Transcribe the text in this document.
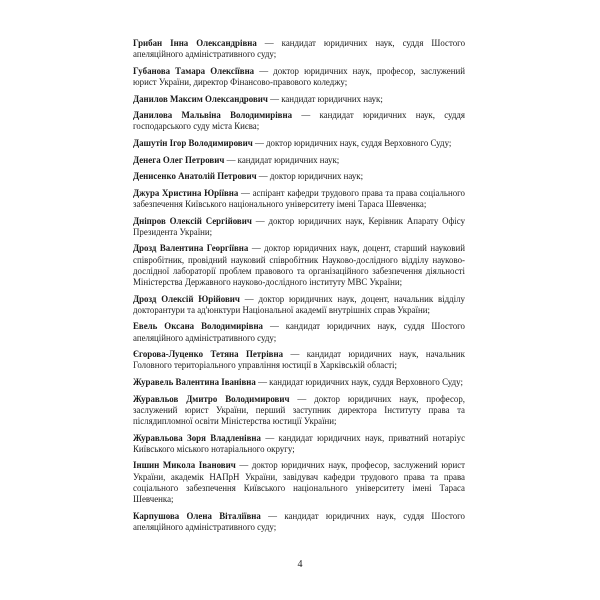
Грибан Інна Олександрівна — кандидат юридичних наук, суддя Шостого апеляційного адміністративного суду;

Губанова Тамара Олексіївна — доктор юридичних наук, професор, заслужений юрист України, директор Фінансово-правового коледжу;

Данилов Максим Олександрович — кандидат юридичних наук;

Данилова Мальвіна Володимирівна — кандидат юридичних наук, суддя господарського суду міста Києва;

Дашутін Ігор Володимирович — доктор юридичних наук, суддя Верховного Суду;

Денега Олег Петрович — кандидат юридичних наук;

Денисенко Анатолій Петрович — доктор юридичних наук;

Джура Христина Юріївна — аспірант кафедри трудового права та права соціального забезпечення Київського національного університету імені Тараса Шевченка;

Дніпров Олексій Сергійович — доктор юридичних наук, Керівник Апарату Офісу Президента України;

Дрозд Валентина Георгіївна — доктор юридичних наук, доцент, старший науковий співробітник, провідний науковий співробітник Науково-дослідного відділу науково-дослідної лабораторії проблем правового та організаційного забезпечення діяльності Міністерства Державного науково-дослідного інституту МВС України;

Дрозд Олексій Юрійович — доктор юридичних наук, доцент, начальник відділу докторантури та ад'юнктури Національної академії внутрішніх справ України;

Евель Оксана Володимирівна — кандидат юридичних наук, суддя Шостого апеляційного адміністративного суду;

Єгорова-Луценко Тетяна Петрівна — кандидат юридичних наук, начальник Головного територіального управління юстиції в Харківській області;

Журавель Валентина Іванівна — кандидат юридичних наук, суддя Верховного Суду;

Журавльов Дмитро Володимирович — доктор юридичних наук, професор, заслужений юрист України, перший заступник директора Інституту права та післядипломної освіти Міністерства юстиції України;

Журавльова Зоря Владленівна — кандидат юридичних наук, приватний нотаріус Київського міського нотаріального округу;

Іншин Микола Іванович — доктор юридичних наук, професор, заслужений юрист України, академік НАПрН України, завідувач кафедри трудового права та права соціального забезпечення Київського національного університету імені Тараса Шевченка;

Карпушова Олена Віталіївна — кандидат юридичних наук, суддя Шостого апеляційного адміністративного суду;

4
